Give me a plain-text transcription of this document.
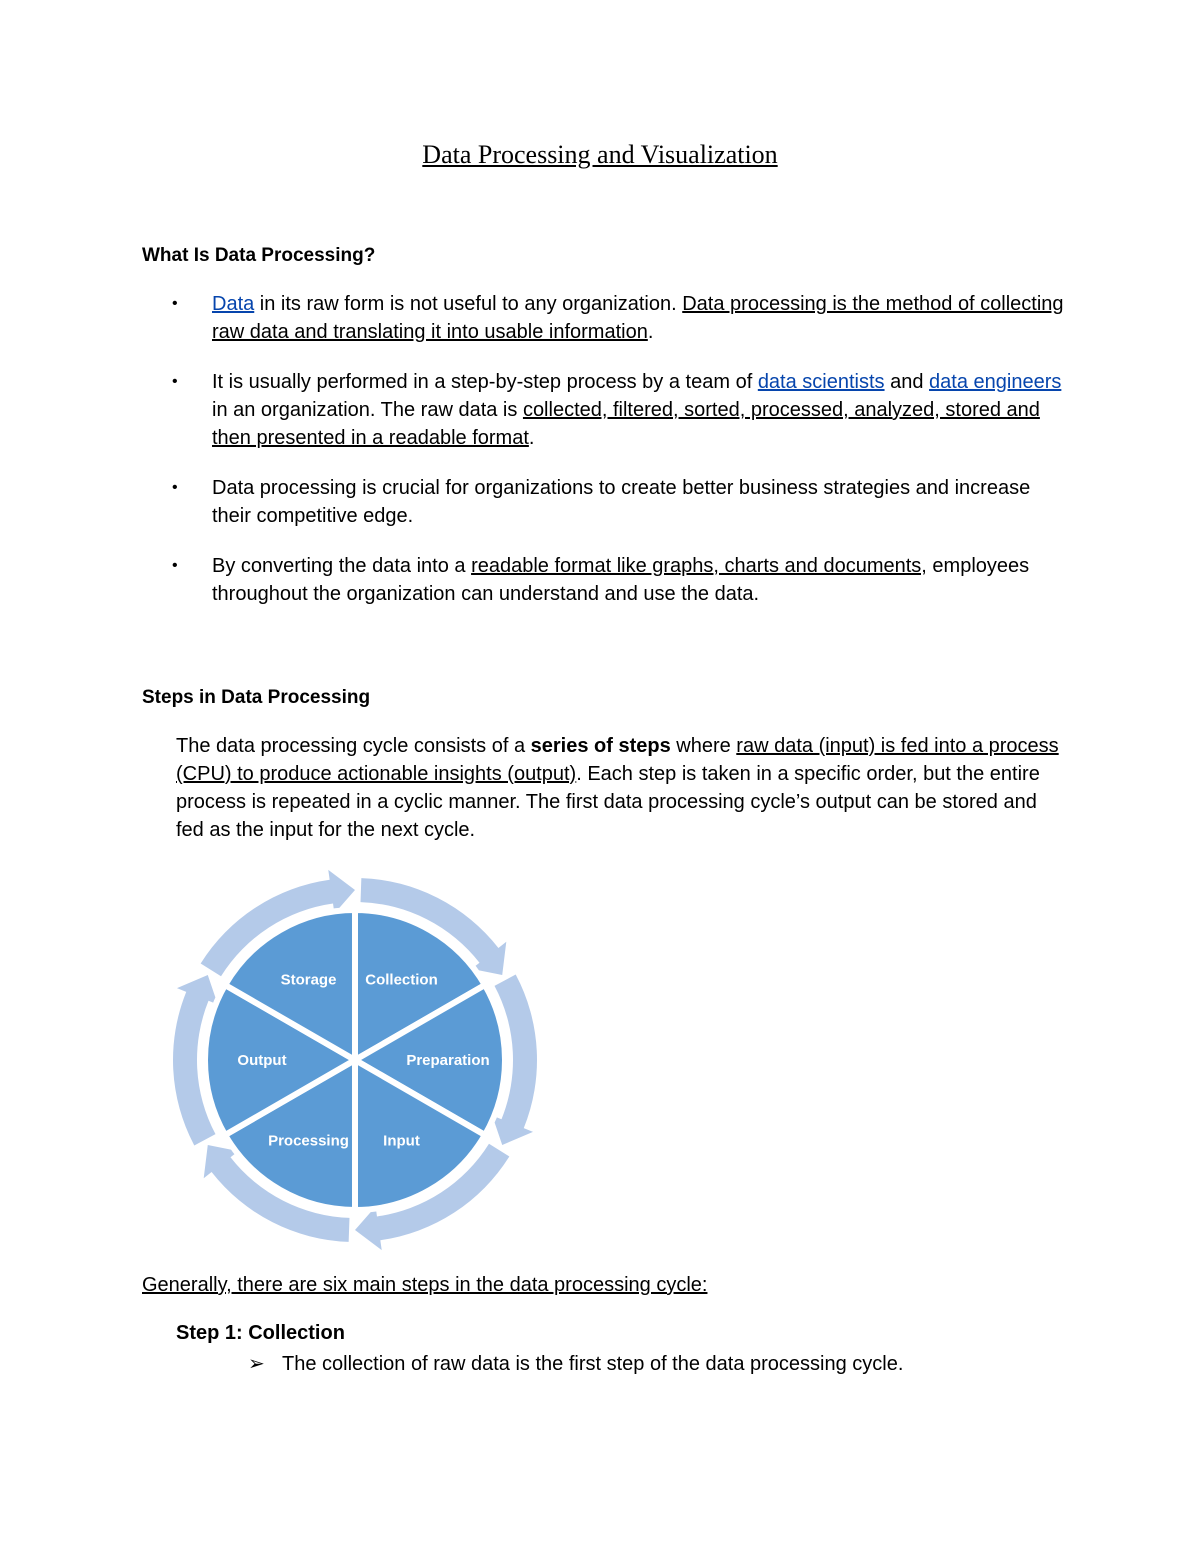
Data Processing and Visualization
What Is Data Processing?
•	Data in its raw form is not useful to any organization. Data processing is the method of collecting raw data and translating it into usable information.
•	It is usually performed in a step-by-step process by a team of data scientists and data engineers in an organization. The raw data is collected, filtered, sorted, processed, analyzed, stored and then presented in a readable format.
•	Data processing is crucial for organizations to create better business strategies and increase their competitive edge.
•	By converting the data into a readable format like graphs, charts and documents, employees throughout the organization can understand and use the data.
Steps in Data Processing
The data processing cycle consists of a series of steps where raw data (input) is fed into a process (CPU) to produce actionable insights (output). Each step is taken in a specific order, but the entire process is repeated in a cyclic manner. The first data processing cycle’s output can be stored and fed as the input for the next cycle.
Collection
Preparation
Input
Processing
Output
Storage
Generally, there are six main steps in the data processing cycle:
Step 1: Collection
➢ The collection of raw data is the first step of the data processing cycle.
